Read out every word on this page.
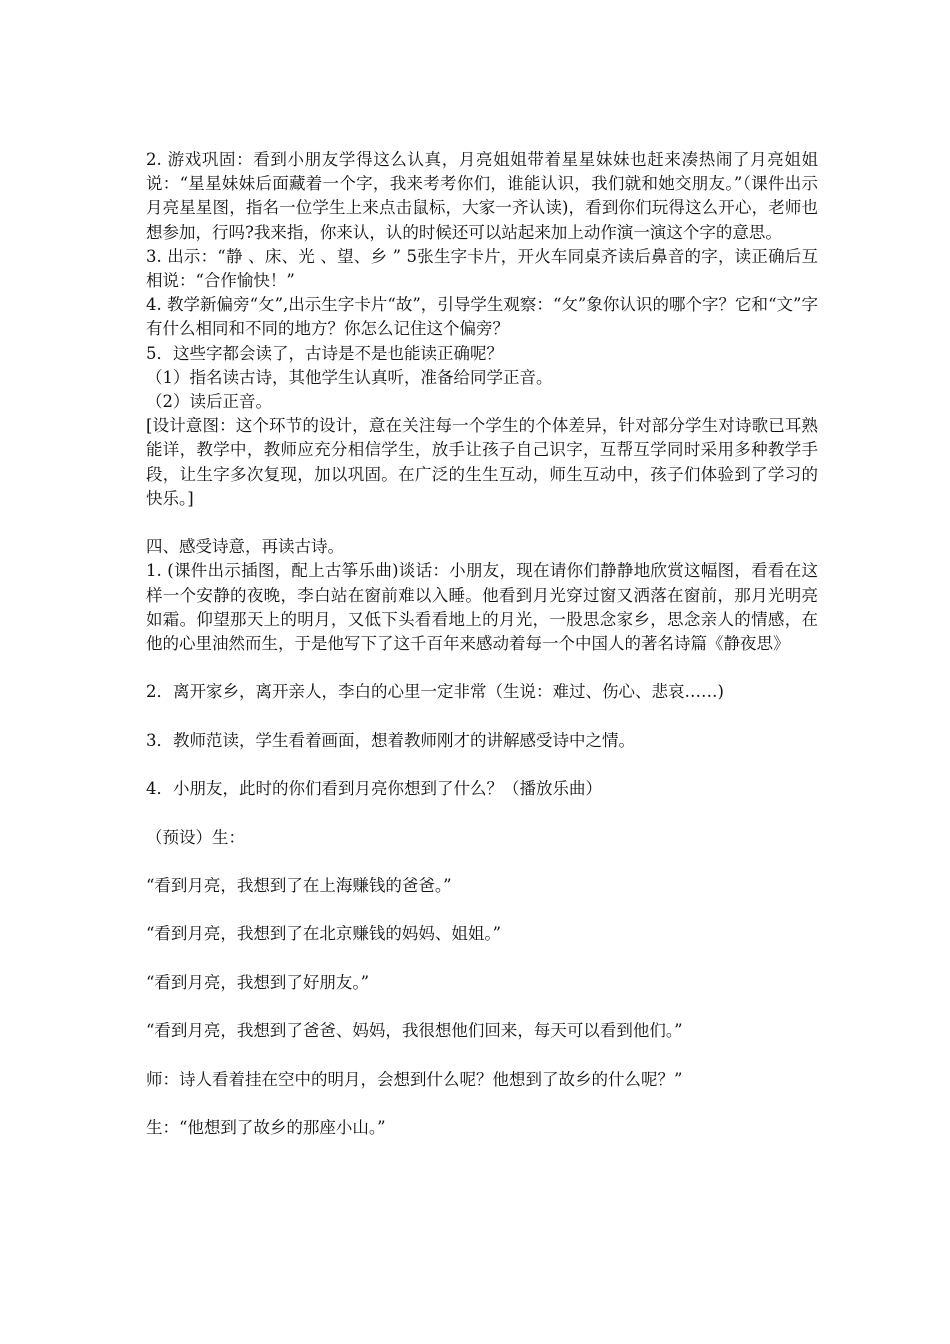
2. 游戏巩固：看到小朋友学得这么认真，月亮姐姐带着星星妹妹也赶来凑热闹了月亮姐姐说：“星星妹妹后面藏着一个字，我来考考你们，谁能认识，我们就和她交朋友。”（课件出示月亮星星图，指名一位学生上来点击鼠标，大家一齐认读)，看到你们玩得这么开心，老师也想参加，行吗?我来指，你来认，认的时候还可以站起来加上动作演一演这个字的意思。

3. 出示：“静 、床、光 、望、乡 ” 5张生字卡片，开火车同桌齐读后鼻音的字，读正确后互相说：“合作愉快！”

4. 教学新偏旁“攵”,出示生字卡片“故”，引导学生观察：“攵”象你认识的哪个字？它和“文”字有什么相同和不同的地方？你怎么记住这个偏旁？

5．这些字都会读了，古诗是不是也能读正确呢？

（1）指名读古诗，其他学生认真听，准备给同学正音。

（2）读后正音。

[设计意图：这个环节的设计，意在关注每一个学生的个体差异，针对部分学生对诗歌已耳熟能详，教学中，教师应充分相信学生，放手让孩子自己识字，互帮互学同时采用多种教学手段，让生字多次复现，加以巩固。在广泛的生生互动，师生互动中，孩子们体验到了学习的快乐。]

四、感受诗意，再读古诗。

1. (课件出示插图，配上古筝乐曲)谈话：小朋友，现在请你们静静地欣赏这幅图，看看在这样一个安静的夜晚，李白站在窗前难以入睡。他看到月光穿过窗又洒落在窗前，那月光明亮如霜。仰望那天上的明月，又低下头看看地上的月光，一股思念家乡，思念亲人的情感，在他的心里油然而生，于是他写下了这千百年来感动着每一个中国人的著名诗篇《静夜思》

2．离开家乡，离开亲人，李白的心里一定非常（生说：难过、伤心、悲哀……)

3．教师范读，学生看着画面，想着教师刚才的讲解感受诗中之情。

4．小朋友，此时的你们看到月亮你想到了什么？（播放乐曲）

（预设）生：

“看到月亮，我想到了在上海赚钱的爸爸。”

“看到月亮，我想到了在北京赚钱的妈妈、姐姐。”

“看到月亮，我想到了好朋友。”

“看到月亮，我想到了爸爸、妈妈，我很想他们回来，每天可以看到他们。”

师：诗人看着挂在空中的明月，会想到什么呢？他想到了故乡的什么呢？”

生：“他想到了故乡的那座小山。”
